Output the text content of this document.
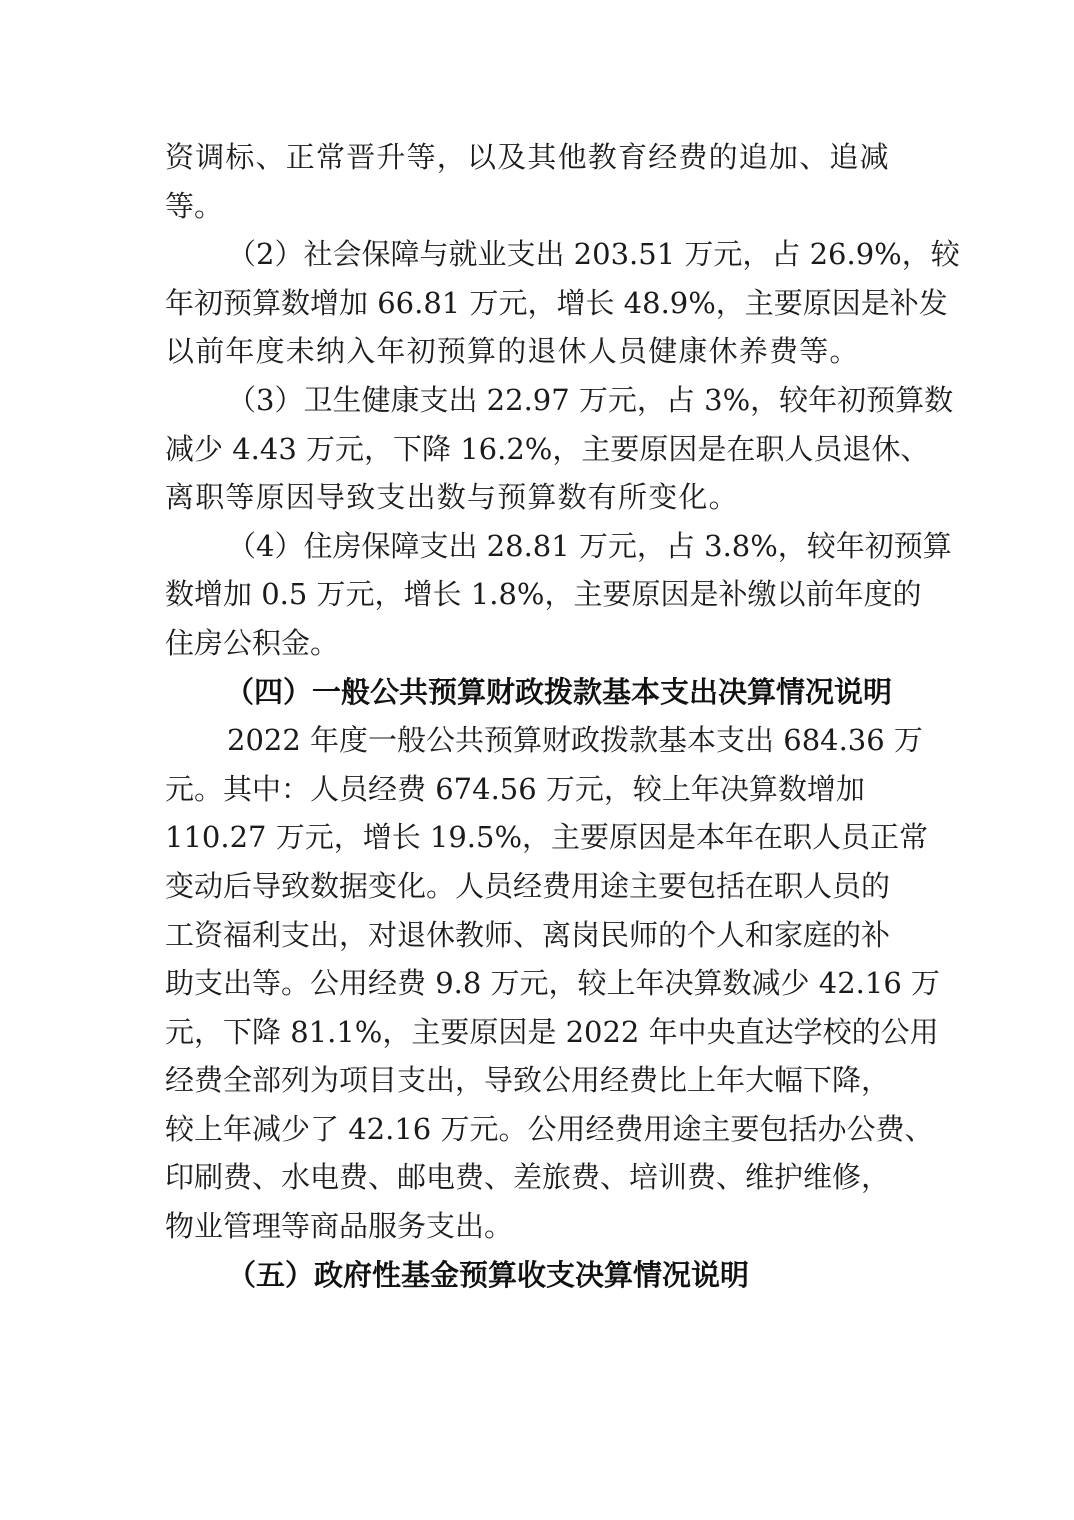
资调标、正常晋升等，以及其他教育经费的追加、追减
等。
（2）社会保障与就业支出 203.51 万元，占 26.9%，较
年初预算数增加 66.81 万元，增长 48.9%，主要原因是补发
以前年度未纳入年初预算的退休人员健康休养费等。
（3）卫生健康支出 22.97 万元，占 3%，较年初预算数
减少 4.43 万元，下降 16.2%，主要原因是在职人员退休、
离职等原因导致支出数与预算数有所变化。
（4）住房保障支出 28.81 万元，占 3.8%，较年初预算
数增加 0.5 万元，增长 1.8%，主要原因是补缴以前年度的
住房公积金。
（四）一般公共预算财政拨款基本支出决算情况说明
2022 年度一般公共预算财政拨款基本支出 684.36 万
元。其中：人员经费 674.56 万元，较上年决算数增加
110.27 万元，增长 19.5%，主要原因是本年在职人员正常
变动后导致数据变化。人员经费用途主要包括在职人员的
工资福利支出，对退休教师、离岗民师的个人和家庭的补
助支出等。公用经费 9.8 万元，较上年决算数减少 42.16 万
元，下降 81.1%，主要原因是 2022 年中央直达学校的公用
经费全部列为项目支出，导致公用经费比上年大幅下降，
较上年减少了 42.16 万元。公用经费用途主要包括办公费、
印刷费、水电费、邮电费、差旅费、培训费、维护维修，
物业管理等商品服务支出。
（五）政府性基金预算收支决算情况说明
